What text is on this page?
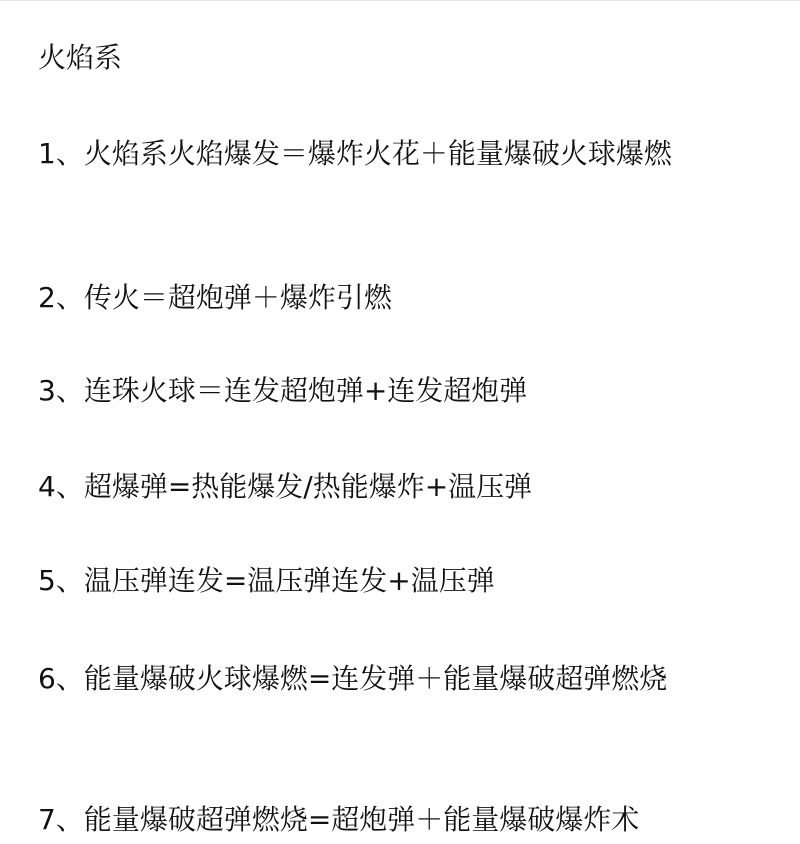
火焰系
1、火焰系火焰爆发＝爆炸火花＋能量爆破火球爆燃
2、传火＝超炮弹＋爆炸引燃
3、连珠火球＝连发超炮弹+连发超炮弹
4、超爆弹=热能爆发/热能爆炸+温压弹
5、温压弹连发=温压弹连发+温压弹
6、能量爆破火球爆燃=连发弹＋能量爆破超弹燃烧
7、能量爆破超弹燃烧=超炮弹＋能量爆破爆炸术
